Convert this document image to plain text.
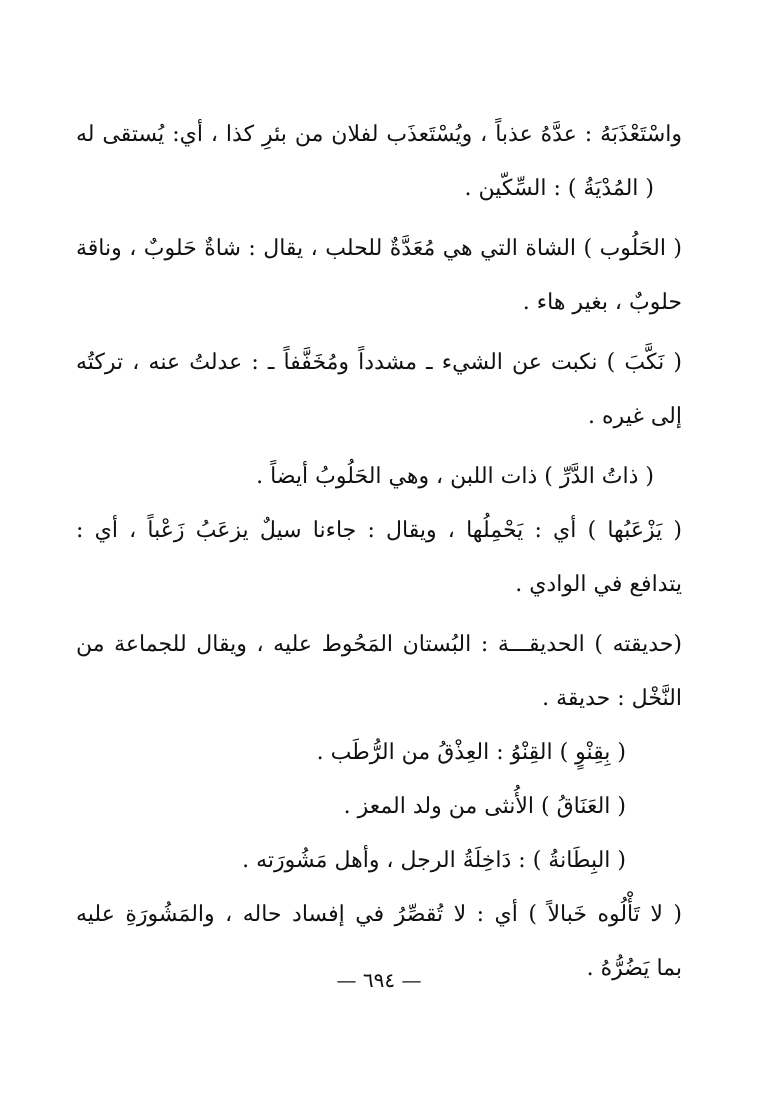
واسْتَعْذَبَهُ : عدَّهُ عذباً ، ويُسْتَعذَب لفلان من بئرِ كذا ، أي: يُستقى له
( المُدْيَةُ ) : السِّكّين .
( الحَلُوب ) الشاة التي هي مُعَدَّةٌ للحلب ، يقال : شاةٌ حَلوبٌ ، وناقة
حلوبٌ ، بغير هاء .
( نَكَّبَ ) نكبت عن الشيء ـ مشدداً ومُخَفَّفاً ـ : عدلتُ عنه ، تركتُه
إلى غيره .
( ذاتُ الدَّرِّ ) ذات اللبن ، وهي الحَلُوبُ أيضاً .
( يَزْعَبُها ) أي : يَحْمِلُها ، ويقال : جاءنا سيلٌ يزعَبُ زَعْباً ، أي :
يتدافع في الوادي .
(حديقته ) الحديقـــة : البُستان المَحُوط عليه ، ويقال للجماعة من
النَّخْل : حديقة .
( بِقِنْوٍ ) القِنْوُ : العِذْقُ من الرُّطَب .
( العَنَاقُ ) الأُنثى من ولد المعز .
( البِطَانةُ ) : دَاخِلَةُ الرجل ، وأهل مَشُورَته .
( لا تَأْلُوه خَبالاً ) أي : لا تُقصِّرُ في إفساد حاله ، والمَشُورَةِ عليه
بما يَضُرُّهُ .
— ٦٩٤ —
